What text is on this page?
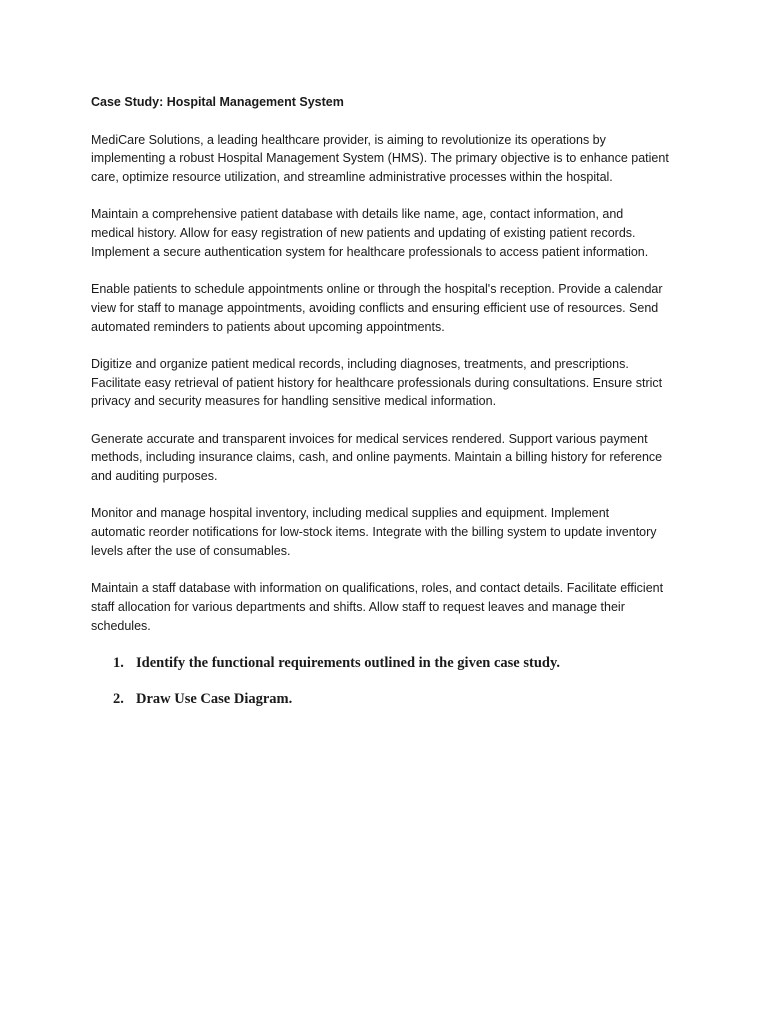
Case Study: Hospital Management System
MediCare Solutions, a leading healthcare provider, is aiming to revolutionize its operations by
implementing a robust Hospital Management System (HMS). The primary objective is to enhance patient
care, optimize resource utilization, and streamline administrative processes within the hospital.
Maintain a comprehensive patient database with details like name, age, contact information, and
medical history. Allow for easy registration of new patients and updating of existing patient records.
Implement a secure authentication system for healthcare professionals to access patient information.
Enable patients to schedule appointments online or through the hospital's reception. Provide a calendar
view for staff to manage appointments, avoiding conflicts and ensuring efficient use of resources. Send
automated reminders to patients about upcoming appointments.
Digitize and organize patient medical records, including diagnoses, treatments, and prescriptions.
Facilitate easy retrieval of patient history for healthcare professionals during consultations. Ensure strict
privacy and security measures for handling sensitive medical information.
Generate accurate and transparent invoices for medical services rendered. Support various payment
methods, including insurance claims, cash, and online payments. Maintain a billing history for reference
and auditing purposes.
Monitor and manage hospital inventory, including medical supplies and equipment. Implement
automatic reorder notifications for low-stock items. Integrate with the billing system to update inventory
levels after the use of consumables.
Maintain a staff database with information on qualifications, roles, and contact details. Facilitate efficient
staff allocation for various departments and shifts. Allow staff to request leaves and manage their
schedules.
1. Identify the functional requirements outlined in the given case study.
2. Draw Use Case Diagram.
